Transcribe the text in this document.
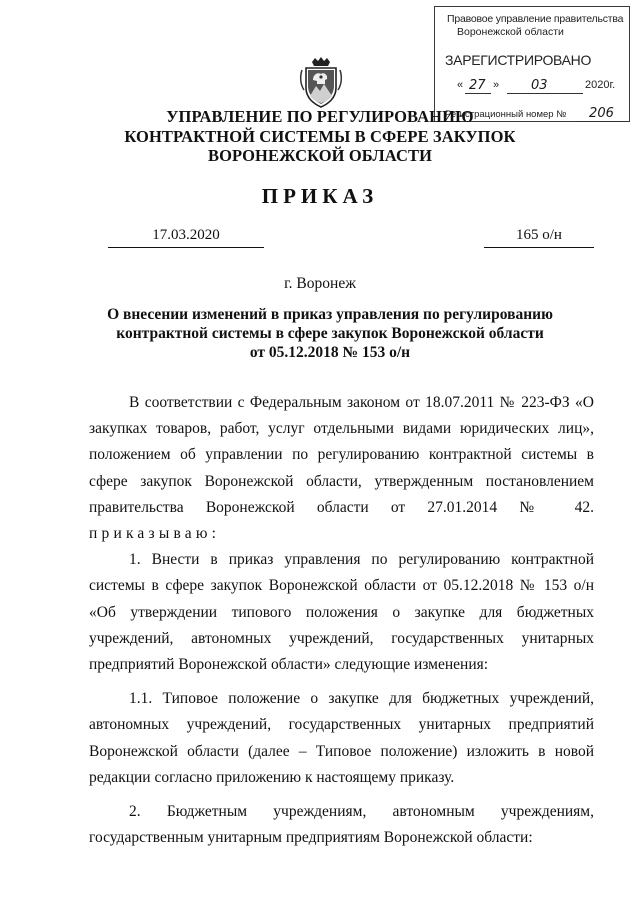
Правовое управление правительства
Воронежской области
ЗАРЕГИСТРИРОВАНО
« 27 » 03	2020г.
Регистрационный номер № 206
УПРАВЛЕНИЕ ПО РЕГУЛИРОВАНИЮ
КОНТРАКТНОЙ СИСТЕМЫ В СФЕРЕ ЗАКУПОК
ВОРОНЕЖСКОЙ ОБЛАСТИ
ПРИКАЗ
17.03.2020	165 о/н
г. Воронеж
О внесении изменений в приказ управления по регулированию
контрактной системы в сфере закупок Воронежской области
от 05.12.2018 № 153 о/н

В соответствии с Федеральным законом от 18.07.2011 № 223-ФЗ «О закупках товаров, работ, услуг отдельными видами юридических лиц», положением об управлении по регулированию контрактной системы в сфере закупок Воронежской области, утвержденным постановлением правительства Воронежской области от 27.01.2014 № 42. приказываю:

1. Внести в приказ управления по регулированию контрактной системы в сфере закупок Воронежской области от 05.12.2018 № 153 о/н «Об утверждении типового положения о закупке для бюджетных учреждений, автономных учреждений, государственных унитарных предприятий Воронежской области» следующие изменения:

1.1. Типовое положение о закупке для бюджетных учреждений, автономных учреждений, государственных унитарных предприятий Воронежской области (далее – Типовое положение) изложить в новой редакции согласно приложению к настоящему приказу.

2. Бюджетным учреждениям, автономным учреждениям, государственным унитарным предприятиям Воронежской области:
